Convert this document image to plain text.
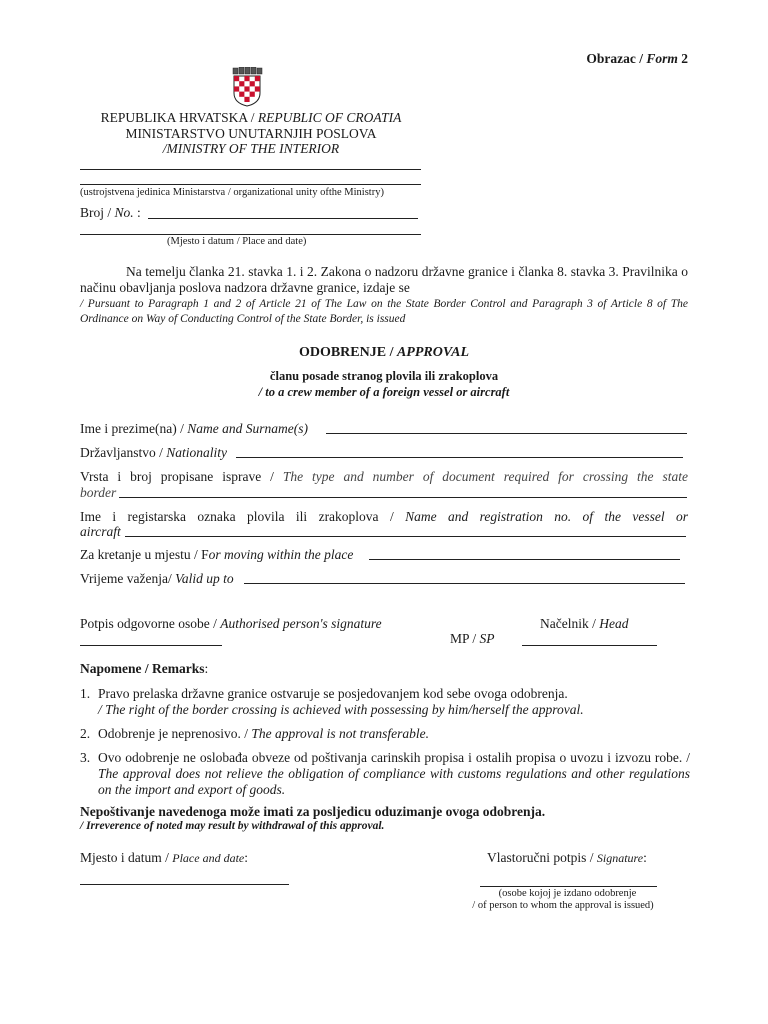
Obrazac / Form 2
REPUBLIKA HRVATSKA / REPUBLIC OF CROATIA
MINISTARSTVO UNUTARNJIH POSLOVA
/MINISTRY OF THE INTERIOR
(ustrojstvena jedinica Ministarstva / organizational unity ofthe Ministry)
Broj / No. :
(Mjesto i datum / Place and date)
Na temelju članka 21. stavka 1. i 2. Zakona o nadzoru državne granice i članka 8. stavka 3. Pravilnika o načinu obavljanja poslova nadzora državne granice, izdaje se
/ Pursuant to Paragraph 1 and 2 of Article 21 of The Law on the State Border Control and Paragraph 3 of Article 8 of The Ordinance on Way of Conducting Control of the State Border, is issued
ODOBRENJE / APPROVAL
članu posade stranog plovila ili zrakoplova
/ to a crew member of a foreign vessel or aircraft
Ime i prezime(na) / Name and Surname(s)
Državljanstvo / Nationality
Vrsta i broj propisane isprave / The type and number of document required for crossing the state
border
Ime i registarska oznaka plovila ili zrakoplova / Name and registration no. of the vessel or
aircraft
Za kretanje u mjestu / For moving within the place
Vrijeme važenja/ Valid up to
Potpis odgovorne osobe / Authorised person's signature	Načelnik / Head
MP / SP
Napomene / Remarks:
1. Pravo prelaska državne granice ostvaruje se posjedovanjem kod sebe ovoga odobrenja.
/ The right of the border crossing is achieved with possessing by him/herself the approval.
2. Odobrenje je neprenosivo. / The approval is not transferable.
3. Ovo odobrenje ne oslobađa obveze od poštivanja carinskih propisa i ostalih propisa o uvozu i izvozu robe. / The approval does not relieve the obligation of compliance with customs regulations and other regulations on the import and export of goods.
Nepoštivanje navedenoga može imati za posljedicu oduzimanje ovoga odobrenja.
/ Irreverence of noted may result by withdrawal of this approval.
Mjesto i datum / Place and date:	Vlastoručni potpis / Signature:
(osobe kojoj je izdano odobrenje
/ of person to whom the approval is issued)
